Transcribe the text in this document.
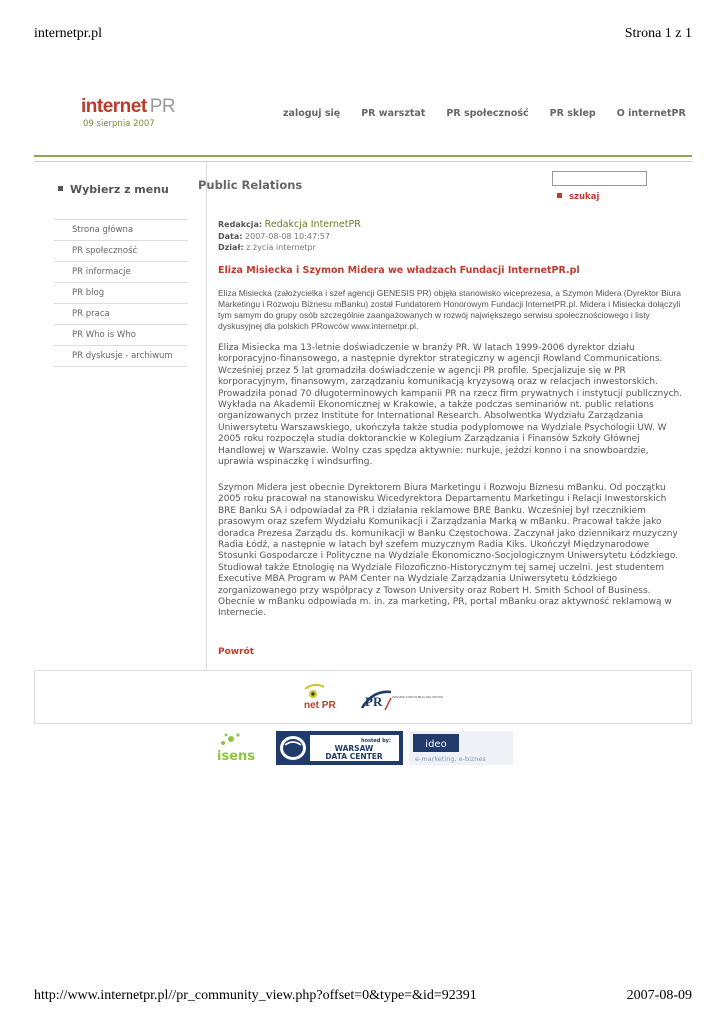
internetpr.pl	Strona 1 z 1
internet PR
09 sierpnia 2007
zaloguj się PR warsztat PR społeczność PR sklep O internetPR
Wybierz z menu
Strona główna
PR społeczność
PR informacje
PR blog
PR praca
PR Who is Who
PR dyskusje - archiwum
Public Relations
szukaj
Redakcja: Redakcja InternetPR
Data: 2007-08-08 10:47:57
Dział: z życia internetpr
Eliza Misiecka i Szymon Midera we władzach Fundacji InternetPR.pl
Eliza Misiecka (założycielka i szef agencji GENESIS PR) objęła stanowisko wiceprezesa, a Szymon Midera (Dyrektor Biura Marketingu i Rozwoju Biznesu mBanku) został Fundatorem Honorowym Fundacji InternetPR.pl. Midera i Misiecka dołączyli tym samym do grupy osób szczególnie zaangażowanych w rozwój największego serwisu społecznościowego i listy dyskusyjnej dla polskich PRowców www.internetpr.pl.
Eliza Misiecka ma 13-letnie doświadczenie w branży PR. W latach 1999-2006 dyrektor działu korporacyjno-finansowego, a następnie dyrektor strategiczny w agencji Rowland Communications. Wcześniej przez 5 lat gromadziła doświadczenie w agencji PR profile. Specjalizuje się w PR korporacyjnym, finansowym, zarządzaniu komunikacją kryzysową oraz w relacjach inwestorskich. Prowadziła ponad 70 długoterminowych kampanii PR na rzecz firm prywatnych i instytucji publicznych. Wykłada na Akademii Ekonomicznej w Krakowie, a także podczas seminariów nt. public relations organizowanych przez Institute for International Research. Absolwentka Wydziału Zarządzania Uniwersytetu Warszawskiego, ukończyła także studia podyplomowe na Wydziale Psychologii UW. W 2005 roku rozpoczęła studia doktoranckie w Kolegium Zarządzania i Finansów Szkoły Głównej Handlowej w Warszawie. Wolny czas spędza aktywnie: nurkuje, jeździ konno i na snowboardzie, uprawia wspinaczkę i windsurfing.
Szymon Midera jest obecnie Dyrektorem Biura Marketingu i Rozwoju Biznesu mBanku. Od początku 2005 roku pracował na stanowisku Wicedyrektora Departamentu Marketingu i Relacji Inwestorskich BRE Banku SA i odpowiadał za PR i działania reklamowe BRE Banku. Wcześniej był rzecznikiem prasowym oraz szefem Wydziału Komunikacji i Zarządzania Marką w mBanku. Pracował także jako doradca Prezesa Zarządu ds. komunikacji w Banku Częstochowa. Zaczynał jako dziennikarz muzyczny Radia Łódź, a następnie w latach był szefem muzycznym Radia Kiks. Ukończył Międzynarodowe Stosunki Gospodarcze i Polityczne na Wydziale Ekonomiczno-Socjologicznym Uniwersytetu Łódzkiego. Studiował także Etnologię na Wydziale Filozoficzno-Historycznym tej samej uczelni. Jest studentem Executive MBA Program w PAM Center na Wydziale Zarządzania Uniwersytetu Łódzkiego zorganizowanego przy współpracy z Towson University oraz Robert H. Smith School of Business. Obecnie w mBanku odpowiada m. in. za marketing, PR, portal mBanku oraz aktywność reklamową w Internecie.
Powrót
net PR PR	ZWIĄZEK FIRM PUBLIC RELATIONS
isens
hosted by:
WARSAW
DATA CENTER
ideo
e-marketing, e-biznes
http://www.internetpr.pl//pr_community_view.php?offset=0&type=&id=92391	2007-08-09
